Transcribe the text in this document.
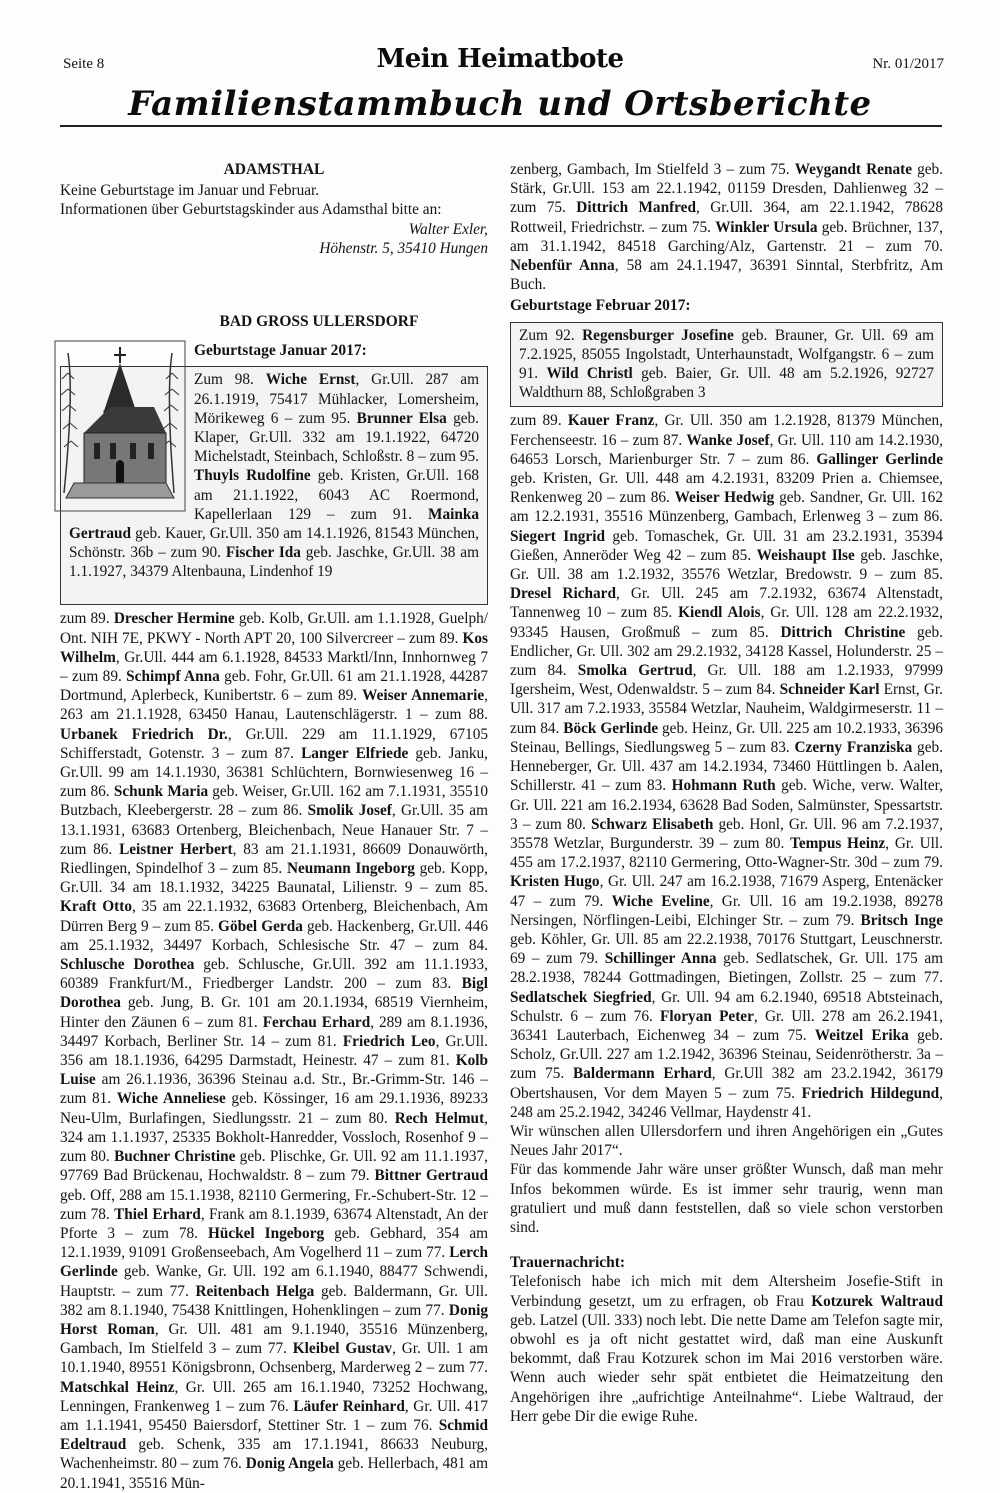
Seite 8	Mein Heimatbote	Nr. 01/2017
Familienstammbuch und Ortsberichte
ADAMSTHAL

Keine Geburtstage im Januar und Februar.

Informationen über Geburtstagskinder aus Adamsthal bitte an:

Walter Exler,

Höhenstr. 5, 35410 Hungen

BAD GROSS ULLERSDORF
Geburtstage Januar 2017:

Zum 98. Wiche Ernst, Gr.Ull. 287 am 26.1.1919, 75417 Mühlacker, Lomersheim, Mörikeweg 6 – zum 95. Brunner Elsa geb. Klaper, Gr.Ull. 332 am 19.1.1922, 64720 Michelstadt, Steinbach, Schloßstr. 8 – zum 95. Thuyls Rudolfine geb. Kristen, Gr.Ull. 168 am 21.1.1922, 6043 AC Roermond, Kapellerlaan 129 – zum 91. Mainka Gertraud geb. Kauer, Gr.Ull. 350 am 14.1.1926, 81543 München, Schönstr. 36b – zum 90. Fischer Ida geb. Jaschke, Gr.Ull. 38 am 1.1.1927, 34379 Altenbauna, Lindenhof 19

zum 89. Drescher Hermine geb. Kolb, Gr.Ull. am 1.1.1928, Guelph/ Ont. NIH 7E, PKWY - North APT 20, 100 Silvercreer – zum 89. Kos Wilhelm, Gr.Ull. 444 am 6.1.1928, 84533 Marktl/Inn, Innhornweg 7 – zum 89. Schimpf Anna geb. Fohr, Gr.Ull. 61 am 21.1.1928, 44287 Dortmund, Aplerbeck, Kunibertstr. 6 – zum 89. Weiser Annemarie, 263 am 21.1.1928, 63450 Hanau, Lautenschlägerstr. 1 – zum 88. Urbanek Friedrich Dr., Gr.Ull. 229 am 11.1.1929, 67105 Schifferstadt, Gotenstr. 3 – zum 87. Langer Elfriede geb. Janku, Gr.Ull. 99 am 14.1.1930, 36381 Schlüchtern, Bornwiesenweg 16 – zum 86. Schunk Maria geb. Weiser, Gr.Ull. 162 am 7.1.1931, 35510 Butzbach, Kleebergerstr. 28 – zum 86. Smolik Josef, Gr.Ull. 35 am 13.1.1931, 63683 Ortenberg, Bleichenbach, Neue Hanauer Str. 7 – zum 86. Leistner Herbert, 83 am 21.1.1931, 86609 Donauwörth, Riedlingen, Spindelhof 3 – zum 85. Neumann Ingeborg geb. Kopp, Gr.Ull. 34 am 18.1.1932, 34225 Baunatal, Lilienstr. 9 – zum 85. Kraft Otto, 35 am 22.1.1932, 63683 Ortenberg, Bleichenbach, Am Dürren Berg 9 – zum 85. Göbel Gerda geb. Hackenberg, Gr.Ull. 446 am 25.1.1932, 34497 Korbach, Schlesische Str. 47 – zum 84. Schlusche Dorothea geb. Schlusche, Gr.Ull. 392 am 11.1.1933, 60389 Frankfurt/M., Friedberger Landstr. 200 – zum 83. Bigl Dorothea geb. Jung, B. Gr. 101 am 20.1.1934, 68519 Viernheim, Hinter den Zäunen 6 – zum 81. Ferchau Erhard, 289 am 8.1.1936, 34497 Korbach, Berliner Str. 14 – zum 81. Friedrich Leo, Gr.Ull. 356 am 18.1.1936, 64295 Darmstadt, Heinestr. 47 – zum 81. Kolb Luise am 26.1.1936, 36396 Steinau a.d. Str., Br.-Grimm-Str. 146 – zum 81. Wiche Anneliese geb. Kössinger, 16 am 29.1.1936, 89233 Neu-Ulm, Burlafingen, Siedlungsstr. 21 – zum 80. Rech Helmut, 324 am 1.1.1937, 25335 Bokholt-Hanredder, Vossloch, Rosenhof 9 – zum 80. Buchner Christine geb. Plischke, Gr. Ull. 92 am 11.1.1937, 97769 Bad Brückenau, Hochwaldstr. 8 – zum 79. Bittner Gertraud geb. Off, 288 am 15.1.1938, 82110 Germering, Fr.-Schubert-Str. 12 – zum 78. Thiel Erhard, Frank am 8.1.1939, 63674 Altenstadt, An der Pforte 3 – zum 78. Hückel Ingeborg geb. Gebhard, 354 am 12.1.1939, 91091 Großenseebach, Am Vogelherd 11 – zum 77. Lerch Gerlinde geb. Wanke, Gr. Ull. 192 am 6.1.1940, 88477 Schwendi, Hauptstr. – zum 77. Reitenbach Helga geb. Baldermann, Gr. Ull. 382 am 8.1.1940, 75438 Knittlingen, Hohenklingen – zum 77. Donig Horst Roman, Gr. Ull. 481 am 9.1.1940, 35516 Münzenberg, Gambach, Im Stielfeld 3 – zum 77. Kleibel Gustav, Gr. Ull. 1 am 10.1.1940, 89551 Königsbronn, Ochsenberg, Marderweg 2 – zum 77. Matschkal Heinz, Gr. Ull. 265 am 16.1.1940, 73252 Hochwang, Lenningen, Frankenweg 1 – zum 76. Läufer Reinhard, Gr. Ull. 417 am 1.1.1941, 95450 Baiersdorf, Stettiner Str. 1 – zum 76. Schmid Edeltraud geb. Schenk, 335 am 17.1.1941, 86633 Neuburg, Wachenheimstr. 80 – zum 76. Donig Angela geb. Hellerbach, 481 am 20.1.1941, 35516 Mün-

zenberg, Gambach, Im Stielfeld 3 – zum 75. Weygandt Renate geb. Stärk, Gr.Ull. 153 am 22.1.1942, 01159 Dresden, Dahlienweg 32 – zum 75. Dittrich Manfred, Gr.Ull. 364, am 22.1.1942, 78628 Rottweil, Friedrichstr. – zum 75. Winkler Ursula geb. Brüchner, 137, am 31.1.1942, 84518 Garching/Alz, Gartenstr. 21 – zum 70. Nebenfür Anna, 58 am 24.1.1947, 36391 Sinntal, Sterbfritz, Am Buch.

Geburtstage Februar 2017:

Zum 92. Regensburger Josefine geb. Brauner, Gr. Ull. 69 am 7.2.1925, 85055 Ingolstadt, Unterhaunstadt, Wolfgangstr. 6 – zum 91. Wild Christl geb. Baier, Gr. Ull. 48 am 5.2.1926, 92727 Waldthurn 88, Schloßgraben 3

zum 89. Kauer Franz, Gr. Ull. 350 am 1.2.1928, 81379 München, Ferchenseestr. 16 – zum 87. Wanke Josef, Gr. Ull. 110 am 14.2.1930, 64653 Lorsch, Marienburger Str. 7 – zum 86. Gallinger Gerlinde geb. Kristen, Gr. Ull. 448 am 4.2.1931, 83209 Prien a. Chiemsee, Renkenweg 20 – zum 86. Weiser Hedwig geb. Sandner, Gr. Ull. 162 am 12.2.1931, 35516 Münzenberg, Gambach, Erlenweg 3 – zum 86. Siegert Ingrid geb. Tomaschek, Gr. Ull. 31 am 23.2.1931, 35394 Gießen, Anneröder Weg 42 – zum 85. Weishaupt Ilse geb. Jaschke, Gr. Ull. 38 am 1.2.1932, 35576 Wetzlar, Bredowstr. 9 – zum 85. Dresel Richard, Gr. Ull. 245 am 7.2.1932, 63674 Altenstadt, Tannenweg 10 – zum 85. Kiendl Alois, Gr. Ull. 128 am 22.2.1932, 93345 Hausen, Großmuß – zum 85. Dittrich Christine geb. Endlicher, Gr. Ull. 302 am 29.2.1932, 34128 Kassel, Holunderstr. 25 – zum 84. Smolka Gertrud, Gr. Ull. 188 am 1.2.1933, 97999 Igersheim, West, Odenwaldstr. 5 – zum 84. Schneider Karl Ernst, Gr. Ull. 317 am 7.2.1933, 35584 Wetzlar, Nauheim, Waldgirmeserstr. 11 – zum 84. Böck Gerlinde geb. Heinz, Gr. Ull. 225 am 10.2.1933, 36396 Steinau, Bellings, Siedlungsweg 5 – zum 83. Czerny Franziska geb. Henneberger, Gr. Ull. 437 am 14.2.1934, 73460 Hüttlingen b. Aalen, Schillerstr. 41 – zum 83. Hohmann Ruth geb. Wiche, verw. Walter, Gr. Ull. 221 am 16.2.1934, 63628 Bad Soden, Salmünster, Spessartstr. 3 – zum 80. Schwarz Elisabeth geb. Honl, Gr. Ull. 96 am 7.2.1937, 35578 Wetzlar, Burgunderstr. 39 – zum 80. Tempus Heinz, Gr. Ull. 455 am 17.2.1937, 82110 Germering, Otto-Wagner-Str. 30d – zum 79. Kristen Hugo, Gr. Ull. 247 am 16.2.1938, 71679 Asperg, Entenäcker 47 – zum 79. Wiche Eveline, Gr. Ull. 16 am 19.2.1938, 89278 Nersingen, Nörflingen-Leibi, Elchinger Str. – zum 79. Britsch Inge geb. Köhler, Gr. Ull. 85 am 22.2.1938, 70176 Stuttgart, Leuschnerstr. 69 – zum 79. Schillinger Anna geb. Sedlatschek, Gr. Ull. 175 am 28.2.1938, 78244 Gottmadingen, Bietingen, Zollstr. 25 – zum 77. Sedlatschek Siegfried, Gr. Ull. 94 am 6.2.1940, 69518 Abtsteinach, Schulstr. 6 – zum 76. Floryan Peter, Gr. Ull. 278 am 26.2.1941, 36341 Lauterbach, Eichenweg 34 – zum 75. Weitzel Erika geb. Scholz, Gr.Ull. 227 am 1.2.1942, 36396 Steinau, Seidenrötherstr. 3a – zum 75. Baldermann Erhard, Gr.Ull 382 am 23.2.1942, 36179 Obertshausen, Vor dem Mayen 5 – zum 75. Friedrich Hildegund, 248 am 25.2.1942, 34246 Vellmar, Haydenstr 41.

Wir wünschen allen Ullersdorfern und ihren Angehörigen ein „Gutes Neues Jahr 2017“.

Für das kommende Jahr wäre unser größter Wunsch, daß man mehr Infos bekommen würde. Es ist immer sehr traurig, wenn man gratuliert und muß dann feststellen, daß so viele schon verstorben sind.

Trauernachricht:

Telefonisch habe ich mich mit dem Altersheim Josefie-Stift in Verbindung gesetzt, um zu erfragen, ob Frau Kotzurek Waltraud geb. Latzel (Ull. 333) noch lebt. Die nette Dame am Telefon sagte mir, obwohl es ja oft nicht gestattet wird, daß man eine Auskunft bekommt, daß Frau Kotzurek schon im Mai 2016 verstorben wäre. Wenn auch wieder sehr spät entbietet die Heimatzeitung den Angehörigen ihre „aufrichtige Anteilnahme“. Liebe Waltraud, der Herr gebe Dir die ewige Ruhe.
